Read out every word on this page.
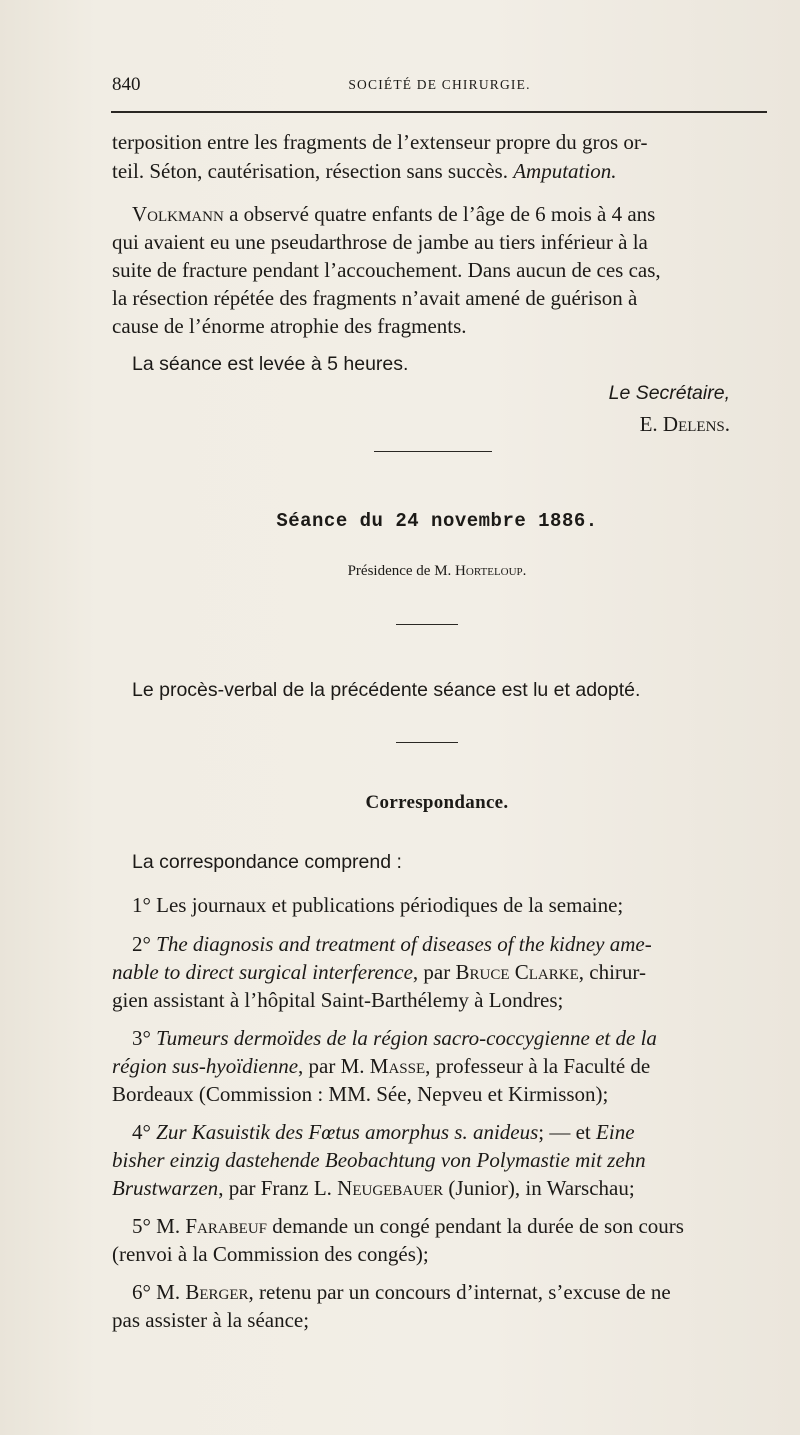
840	SOCIÉTÉ DE CHIRURGIE.
terposition entre les fragments de l’extenseur propre du gros or-
teil. Séton, cautérisation, résection sans succès. Amputation.
Volkmann a observé quatre enfants de l’âge de 6 mois à 4 ans
qui avaient eu une pseudarthrose de jambe au tiers inférieur à la
suite de fracture pendant l’accouchement. Dans aucun de ces cas,
la résection répétée des fragments n’avait amené de guérison à
cause de l’énorme atrophie des fragments.
La séance est levée à 5 heures.
Le Secrétaire,
E. Delens.
Séance du 24 novembre 1886.
Présidence de M. Horteloup.
Le procès-verbal de la précédente séance est lu et adopté.
Correspondance.
La correspondance comprend :
1° Les journaux et publications périodiques de la semaine;
2° The diagnosis and treatment of diseases of the kidney ame-
nable to direct surgical interference, par Bruce Clarke, chirur-
gien assistant à l’hôpital Saint-Barthélemy à Londres;
3° Tumeurs dermoïdes de la région sacro-coccygienne et de la
région sus-hyoïdienne, par M. Masse, professeur à la Faculté de
Bordeaux (Commission : MM. Sée, Nepveu et Kirmisson);
4° Zur Kasuistik des Fœtus amorphus s. anideus; — et Eine
bisher einzig dastehende Beobachtung von Polymastie mit zehn
Brustwarzen, par Franz L. Neugebauer (Junior), in Warschau;
5° M. Farabeuf demande un congé pendant la durée de son cours
(renvoi à la Commission des congés);
6° M. Berger, retenu par un concours d’internat, s’excuse de ne
pas assister à la séance;
